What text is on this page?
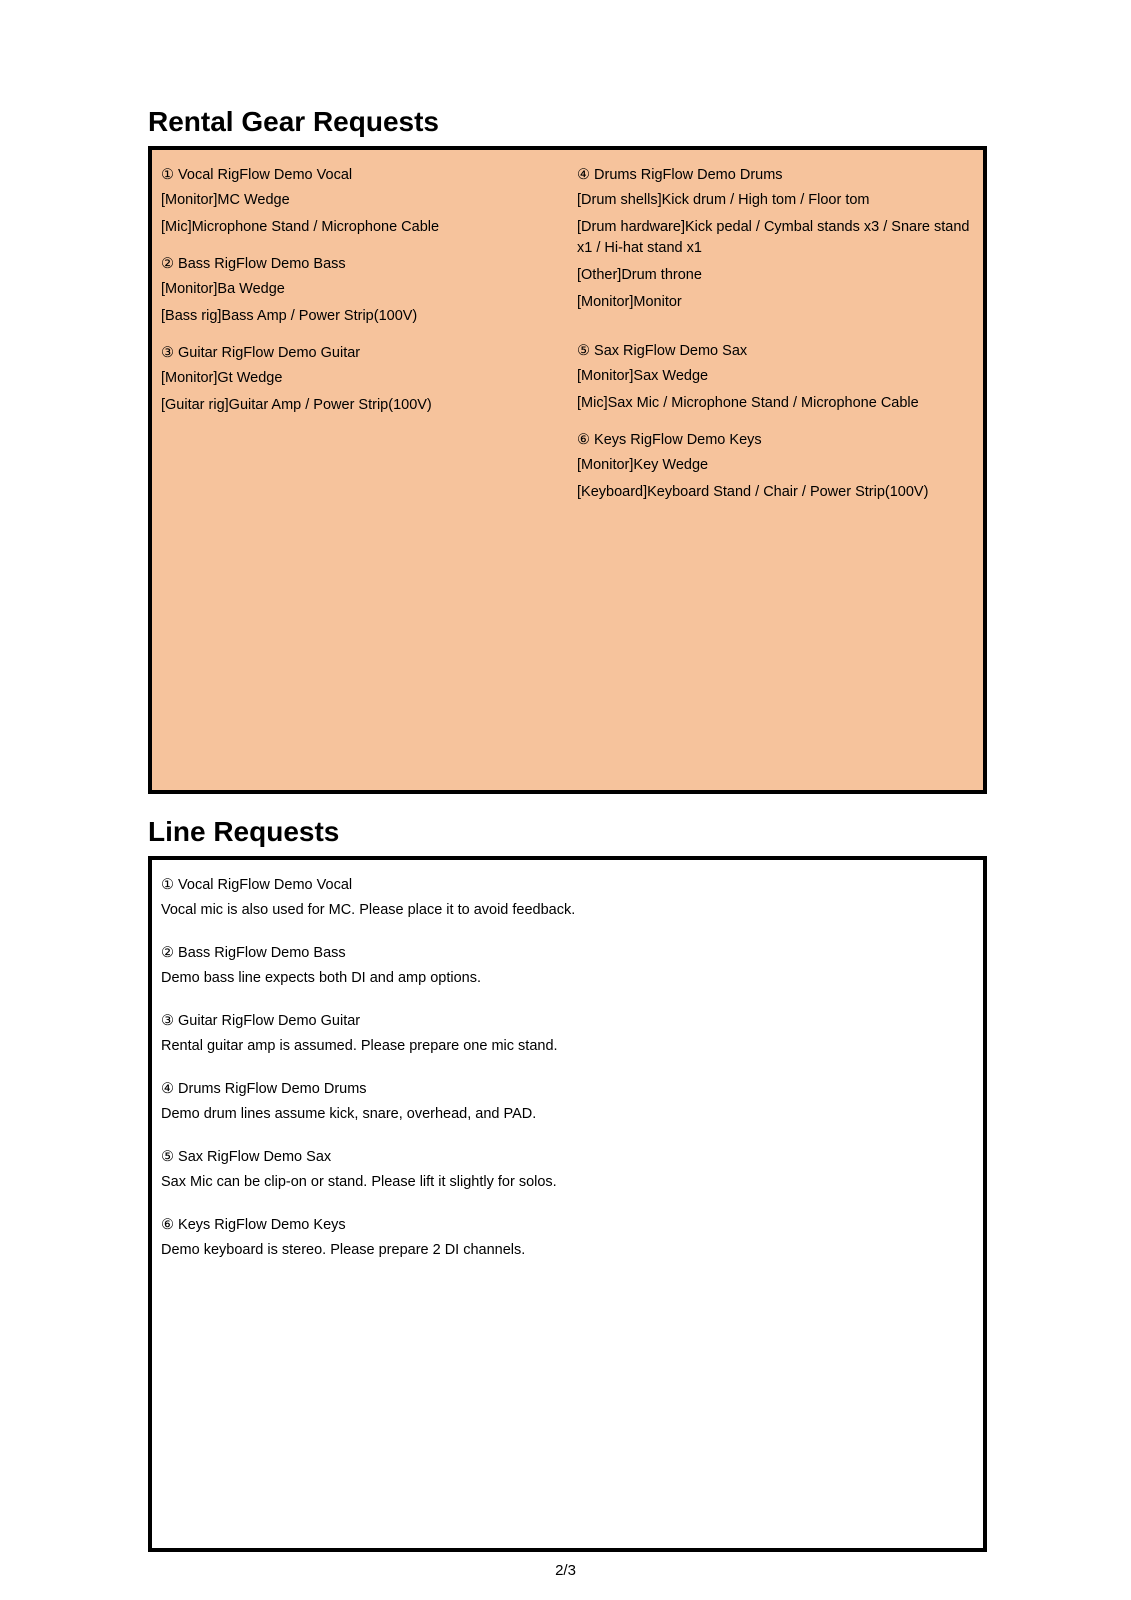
Rental Gear Requests
① Vocal RigFlow Demo Vocal
[Monitor]MC Wedge
[Mic]Microphone Stand / Microphone Cable
② Bass RigFlow Demo Bass
[Monitor]Ba Wedge
[Bass rig]Bass Amp / Power Strip(100V)
③ Guitar RigFlow Demo Guitar
[Monitor]Gt Wedge
[Guitar rig]Guitar Amp / Power Strip(100V)
④ Drums RigFlow Demo Drums
[Drum shells]Kick drum / High tom / Floor tom
[Drum hardware]Kick pedal / Cymbal stands x3 / Snare stand x1 / Hi-hat stand x1
[Other]Drum throne
[Monitor]Monitor
⑤ Sax RigFlow Demo Sax
[Monitor]Sax Wedge
[Mic]Sax Mic / Microphone Stand / Microphone Cable
⑥ Keys RigFlow Demo Keys
[Monitor]Key Wedge
[Keyboard]Keyboard Stand / Chair / Power Strip(100V)
Line Requests
① Vocal RigFlow Demo Vocal
Vocal mic is also used for MC. Please place it to avoid feedback.
② Bass RigFlow Demo Bass
Demo bass line expects both DI and amp options.
③ Guitar RigFlow Demo Guitar
Rental guitar amp is assumed. Please prepare one mic stand.
④ Drums RigFlow Demo Drums
Demo drum lines assume kick, snare, overhead, and PAD.
⑤ Sax RigFlow Demo Sax
Sax Mic can be clip-on or stand. Please lift it slightly for solos.
⑥ Keys RigFlow Demo Keys
Demo keyboard is stereo. Please prepare 2 DI channels.
2/3
